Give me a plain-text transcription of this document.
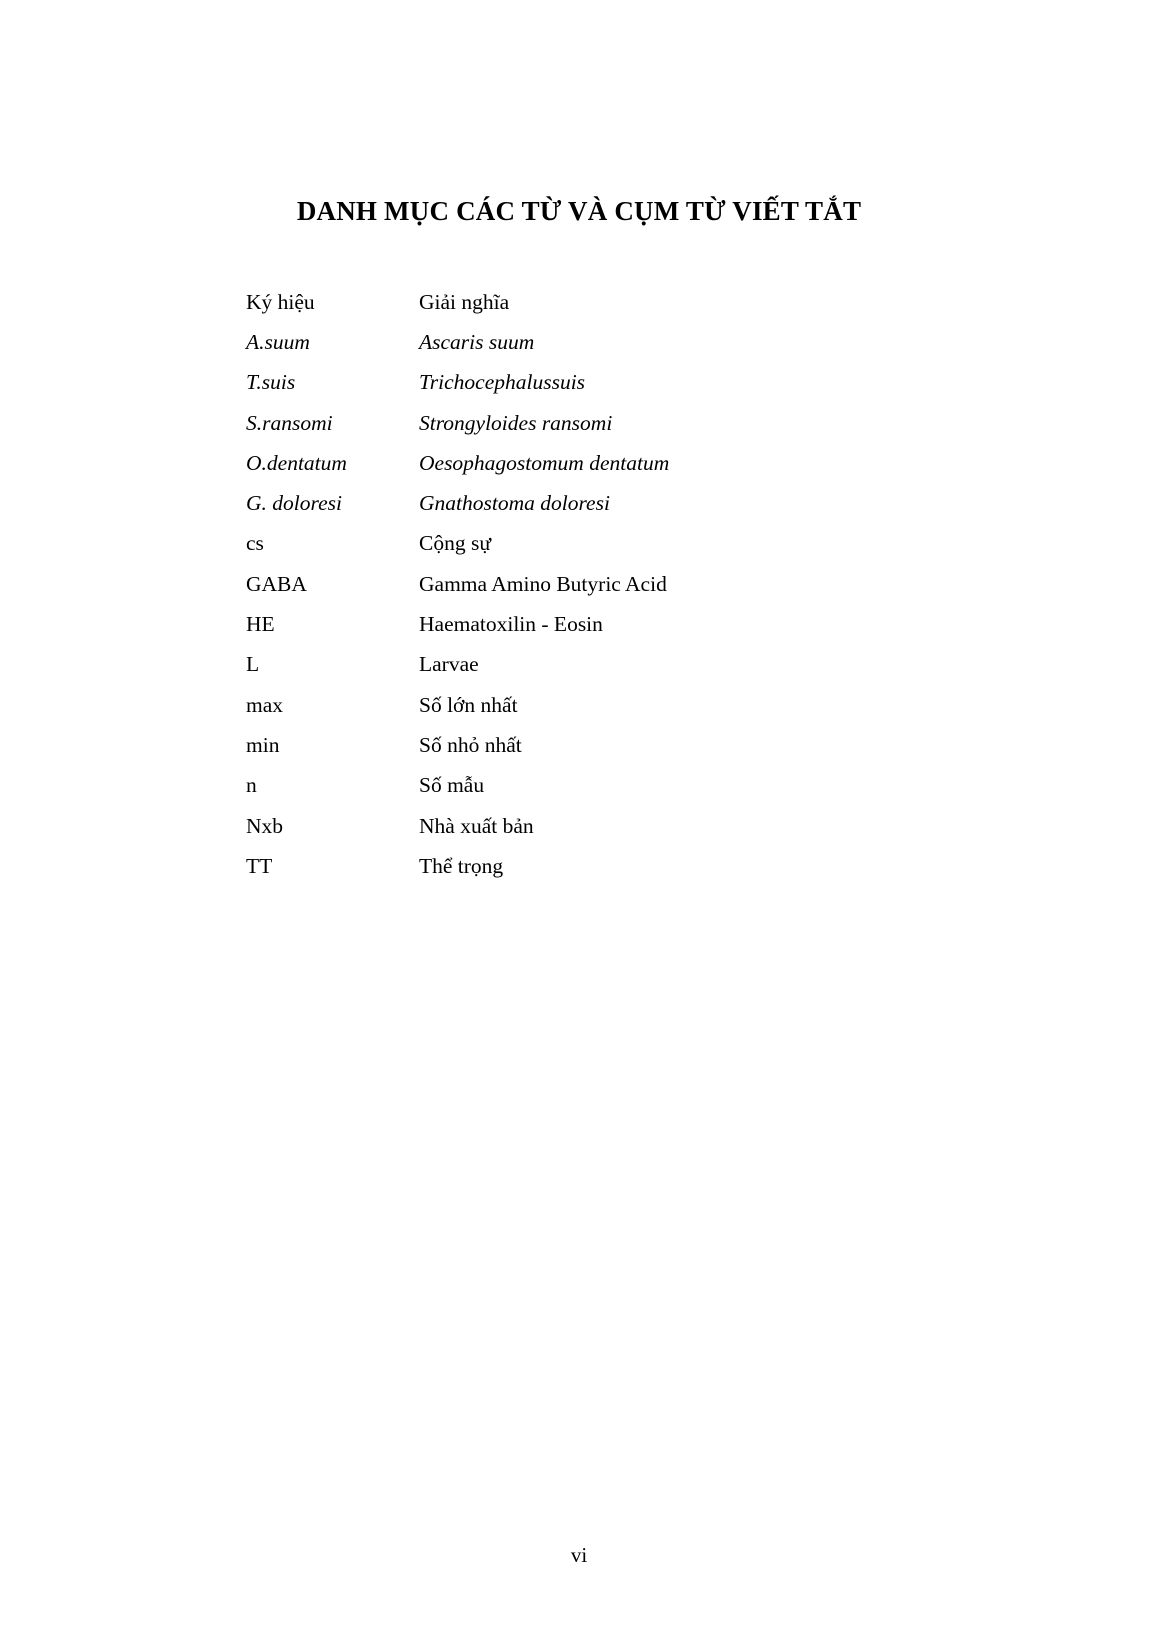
DANH MỤC CÁC TỪ VÀ CỤM TỪ VIẾT TẮT
Ký hiệu	Giải nghĩa
A.suum	Ascaris suum
T.suis	Trichocephalussuis
S.ransomi	Strongyloides ransomi
O.dentatum	Oesophagostomum dentatum
G. doloresi	Gnathostoma doloresi
cs	Cộng sự
GABA	Gamma Amino Butyric Acid
HE	Haematoxilin - Eosin
L	Larvae
max	Số lớn nhất
min	Số nhỏ nhất
n	Số mẫu
Nxb	Nhà xuất bản
TT	Thể trọng
vi
